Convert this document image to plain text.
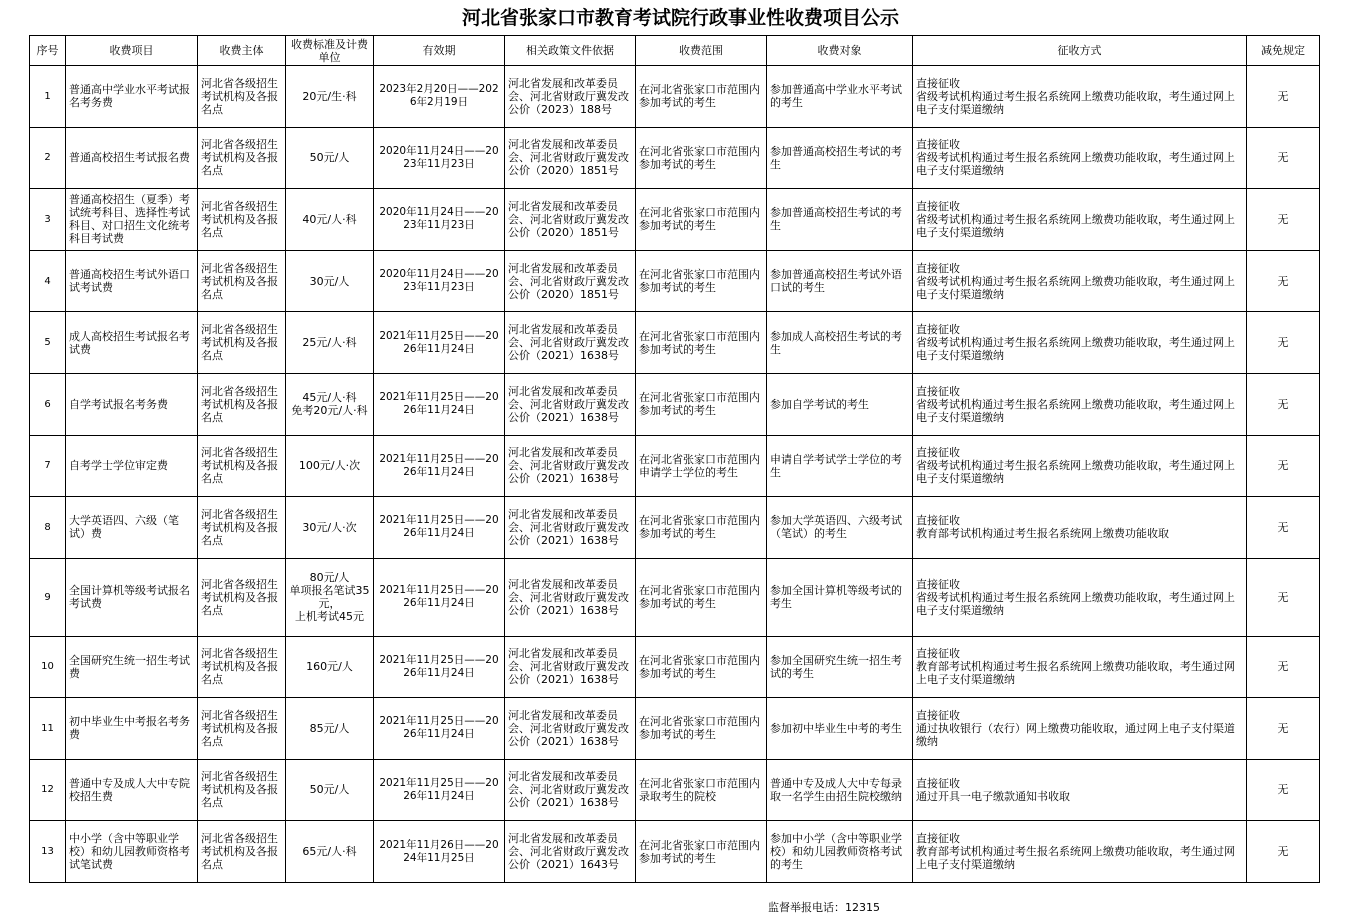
河北省张家口市教育考试院行政事业性收费项目公示
序号	收费项目	收费主体	收费标准及计费单位	有效期	相关政策文件依据	收费范围	收费对象	征收方式	减免规定
1	普通高中学业水平考试报名考务费	河北省各级招生考试机构及各报名点	20元/生·科	2023年2月20日——2026年2月19日	河北省发展和改革委员会、河北省财政厅冀发改公价（2023）188号	在河北省张家口市范围内参加考试的考生	参加普通高中学业水平考试的考生	直接征收
省级考试机构通过考生报名系统网上缴费功能收取，考生通过网上电子支付渠道缴纳	无
2	普通高校招生考试报名费	河北省各级招生考试机构及各报名点	50元/人	2020年11月24日——2023年11月23日	河北省发展和改革委员会、河北省财政厅冀发改公价（2020）1851号	在河北省张家口市范围内参加考试的考生	参加普通高校招生考试的考生	直接征收
省级考试机构通过考生报名系统网上缴费功能收取，考生通过网上电子支付渠道缴纳	无
3	普通高校招生（夏季）考试统考科目、选择性考试科目、对口招生文化统考科目考试费	河北省各级招生考试机构及各报名点	40元/人·科	2020年11月24日——2023年11月23日	河北省发展和改革委员会、河北省财政厅冀发改公价（2020）1851号	在河北省张家口市范围内参加考试的考生	参加普通高校招生考试的考生	直接征收
省级考试机构通过考生报名系统网上缴费功能收取，考生通过网上电子支付渠道缴纳	无
4	普通高校招生考试外语口试考试费	河北省各级招生考试机构及各报名点	30元/人	2020年11月24日——2023年11月23日	河北省发展和改革委员会、河北省财政厅冀发改公价（2020）1851号	在河北省张家口市范围内参加考试的考生	参加普通高校招生考试外语口试的考生	直接征收
省级考试机构通过考生报名系统网上缴费功能收取，考生通过网上电子支付渠道缴纳	无
5	成人高校招生考试报名考试费	河北省各级招生考试机构及各报名点	25元/人·科	2021年11月25日——2026年11月24日	河北省发展和改革委员会、河北省财政厅冀发改公价（2021）1638号	在河北省张家口市范围内参加考试的考生	参加成人高校招生考试的考生	直接征收
省级考试机构通过考生报名系统网上缴费功能收取，考生通过网上电子支付渠道缴纳	无
6	自学考试报名考务费	河北省各级招生考试机构及各报名点	45元/人·科
免考20元/人·科	2021年11月25日——2026年11月24日	河北省发展和改革委员会、河北省财政厅冀发改公价（2021）1638号	在河北省张家口市范围内参加考试的考生	参加自学考试的考生	直接征收
省级考试机构通过考生报名系统网上缴费功能收取，考生通过网上电子支付渠道缴纳	无
7	自考学士学位审定费	河北省各级招生考试机构及各报名点	100元/人·次	2021年11月25日——2026年11月24日	河北省发展和改革委员会、河北省财政厅冀发改公价（2021）1638号	在河北省张家口市范围内申请学士学位的考生	申请自学考试学士学位的考生	直接征收
省级考试机构通过考生报名系统网上缴费功能收取，考生通过网上电子支付渠道缴纳	无
8	大学英语四、六级（笔试）费	河北省各级招生考试机构及各报名点	30元/人·次	2021年11月25日——2026年11月24日	河北省发展和改革委员会、河北省财政厅冀发改公价（2021）1638号	在河北省张家口市范围内参加考试的考生	参加大学英语四、六级考试（笔试）的考生	直接征收
教育部考试机构通过考生报名系统网上缴费功能收取	无
9	全国计算机等级考试报名考试费	河北省各级招生考试机构及各报名点	80元/人
单项报名笔试35元，
上机考试45元	2021年11月25日——2026年11月24日	河北省发展和改革委员会、河北省财政厅冀发改公价（2021）1638号	在河北省张家口市范围内参加考试的考生	参加全国计算机等级考试的考生	直接征收
省级考试机构通过考生报名系统网上缴费功能收取，考生通过网上电子支付渠道缴纳	无
10	全国研究生统一招生考试费	河北省各级招生考试机构及各报名点	160元/人	2021年11月25日——2026年11月24日	河北省发展和改革委员会、河北省财政厅冀发改公价（2021）1638号	在河北省张家口市范围内参加考试的考生	参加全国研究生统一招生考试的考生	直接征收
教育部考试机构通过考生报名系统网上缴费功能收取，考生通过网上电子支付渠道缴纳	无
11	初中毕业生中考报名考务费	河北省各级招生考试机构及各报名点	85元/人	2021年11月25日——2026年11月24日	河北省发展和改革委员会、河北省财政厅冀发改公价（2021）1638号	在河北省张家口市范围内参加考试的考生	参加初中毕业生中考的考生	直接征收
通过执收银行（农行）网上缴费功能收取，通过网上电子支付渠道缴纳	无
12	普通中专及成人大中专院校招生费	河北省各级招生考试机构及各报名点	50元/人	2021年11月25日——2026年11月24日	河北省发展和改革委员会、河北省财政厅冀发改公价（2021）1638号	在河北省张家口市范围内录取考生的院校	普通中专及成人大中专每录取一名学生由招生院校缴纳	直接征收
通过开具一电子缴款通知书收取	无
13	中小学（含中等职业学校）和幼儿园教师资格考试笔试费	河北省各级招生考试机构及各报名点	65元/人·科	2021年11月26日——2024年11月25日	河北省发展和改革委员会、河北省财政厅冀发改公价（2021）1643号	在河北省张家口市范围内参加考试的考生	参加中小学（含中等职业学校）和幼儿园教师资格考试的考生	直接征收
教育部考试机构通过考生报名系统网上缴费功能收取，考生通过网上电子支付渠道缴纳	无
监督举报电话：12315
